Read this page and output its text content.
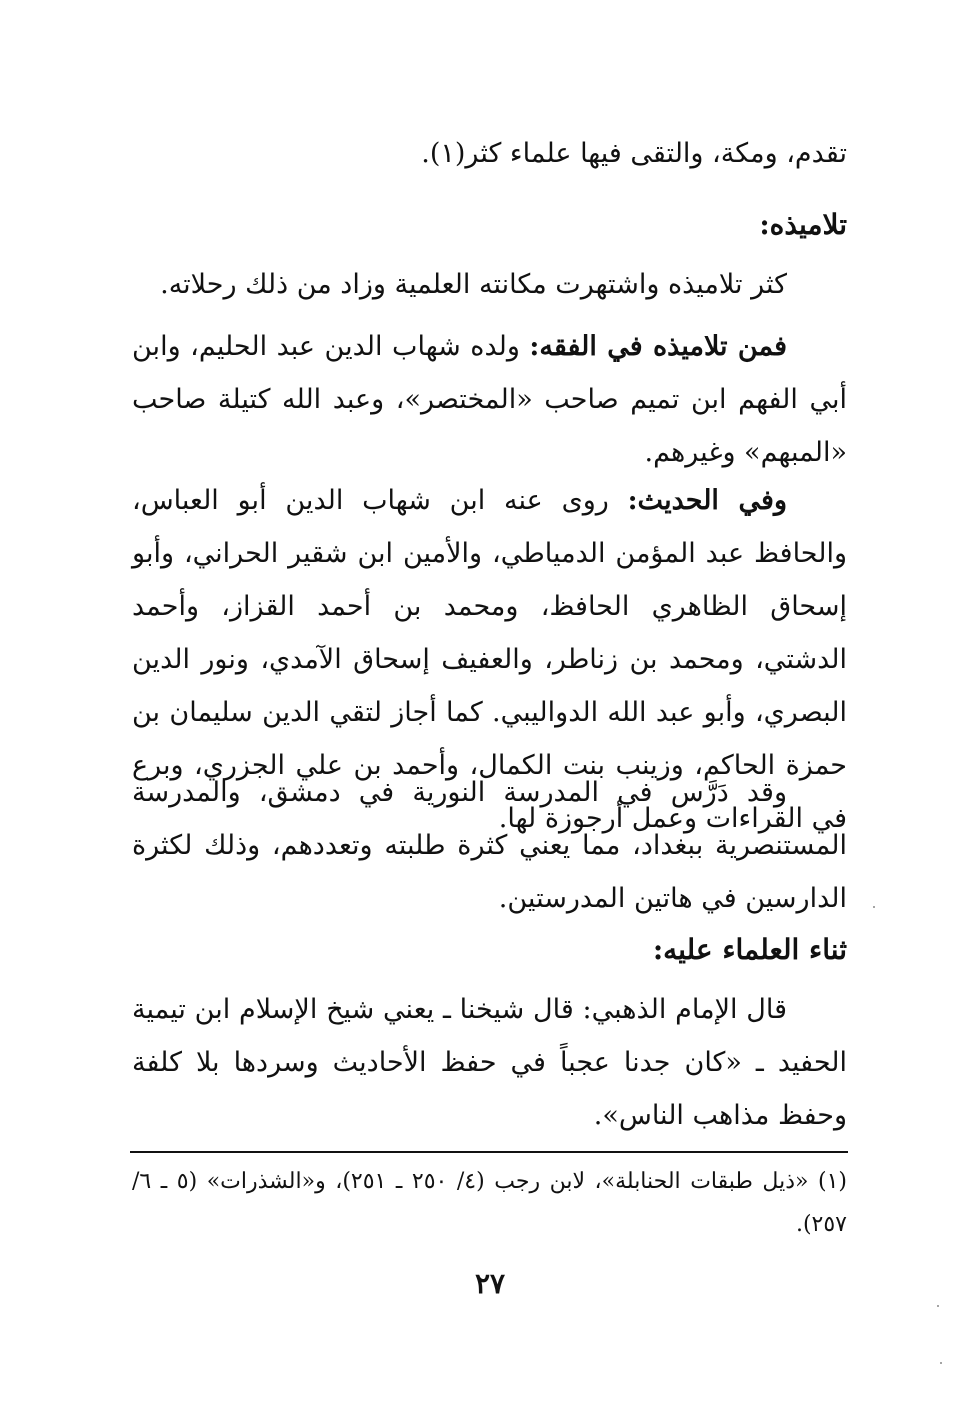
تقدم، ومكة، والتقى فيها علماء كثر(١).
تلاميذه:
كثر تلاميذه واشتهرت مكانته العلمية وزاد من ذلك رحلاته.
فمن تلاميذه في الفقه: ولده شهاب الدين عبد الحليم، وابن أبي الفهم ابن تميم صاحب «المختصر»، وعبد الله كتيلة صاحب «المبهم» وغيرهم.
وفي الحديث: روى عنه ابن شهاب الدين أبو العباس، والحافظ عبد المؤمن الدمياطي، والأمين ابن شقير الحراني، وأبو إسحاق الظاهري الحافظ، ومحمد بن أحمد القزاز، وأحمد الدشتي، ومحمد بن زناطر، والعفيف إسحاق الآمدي، ونور الدين البصري، وأبو عبد الله الدواليبي. كما أجاز لتقي الدين سليمان بن حمزة الحاكم، وزينب بنت الكمال، وأحمد بن علي الجزري، وبرع في القراءات وعمل أرجوزة لها.
وقد دَرَّس في المدرسة النورية في دمشق، والمدرسة المستنصرية ببغداد، مما يعني كثرة طلبته وتعددهم، وذلك لكثرة الدارسين في هاتين المدرستين.
ثناء العلماء عليه:
قال الإمام الذهبي: قال شيخنا ـ يعني شيخ الإسلام ابن تيمية الحفيد ـ «كان جدنا عجباً في حفظ الأحاديث وسردها بلا كلفة وحفظ مذاهب الناس».
(١) «ذيل طبقات الحنابلة»، لابن رجب (٤/ ٢٥٠ ـ ٢٥١)، و«الشذرات» (٥ ـ ٦/ ٢٥٧).
٢٧
